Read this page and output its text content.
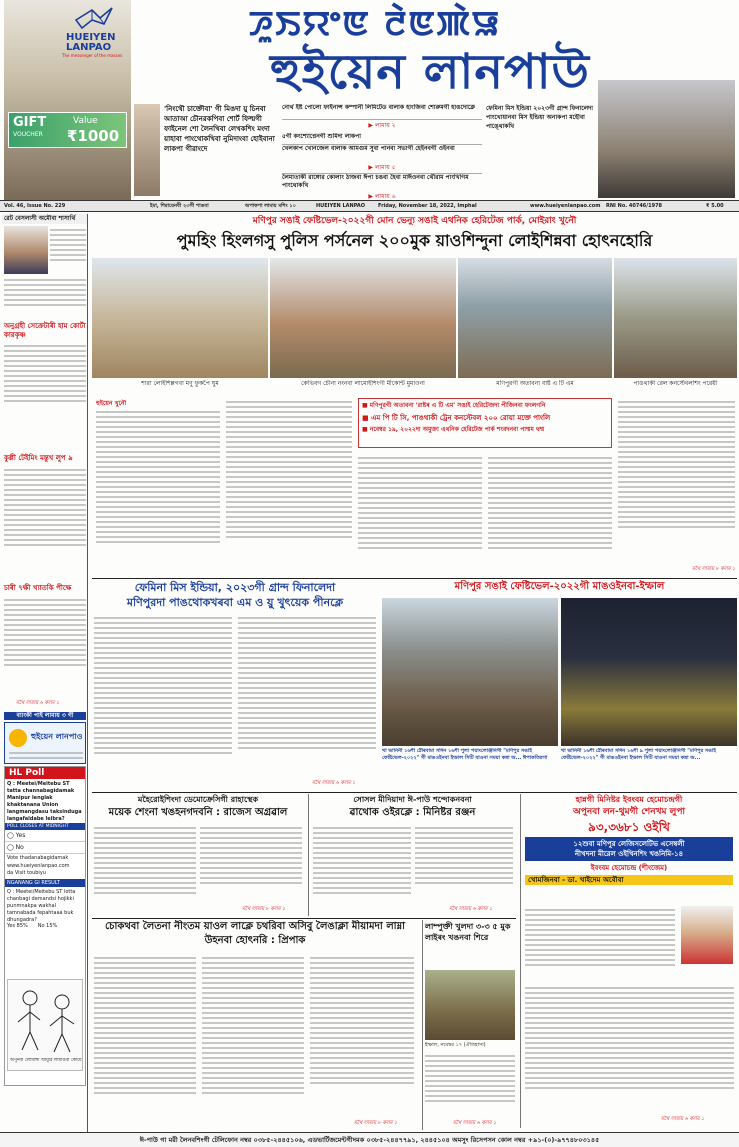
GIFT
VOUCHER
Value
₹1000
HUEIYEN
LANPAO
The messenger of the masses
ꯍꯨꯏꯌꯦꯟ ꯂꯥꯟꯄꯥꯎ
হুইয়েন লানপাউ
'নিংথৌ চাক্তৌবা' গী মিঙদা য়ু চিনবা আতাআ চৌনরকপিবা শোর্ট ফিল্মগী ফাইনেল শো লৈনখিবা লেখকশিং মংদা য়াহাবা পাংথোকখিবা নুমিদাংবা হোইবানা লাকপা গীরাংদে
নোর্থ ইষ্ট পোলো ফাইনান্স কম্পানী লিমিটেড বালাক হাংজিবা শোরুমগী হাঙদোক্লে
▶ লামায় ২
৫গী কংশ্যোপ্নেনগী শুমিদা লাকপা
খেলকাপ খোনজেল বালাক আমগুম সুবা পানবা সভাগী হেইনবগী ওইনবা
▶ লামায় ৫
লৈমাতাকী রাঙ্গোর কোলাং ঠাজবা ঈপা চঙবা হৈবা মাঈওনবা থৌরাম পাংখিগিম পাংথোকখি
▶ লামায় ৬
ফেমিনা মিস ইন্ডিয়া ২০২৩গী গ্রান্দ ফিনালেদা পাংখোয়ানবা মিস ইন্ডিয়া অনাকপা মহৌবা পাঙ্থোকখি
Vol. 46, Issue No. 229	ইমা, শিরায়েনবী ২৩গী পাঙবা	অপাকপা লামায় মশিং ১০	HUEIYEN LANPAO	Friday, November 18, 2022, Imphal	www.hueiyenlanpao.com RNI No. 40746/1978	₹ 5.00
রেট বেসলাসী অমৌবা শাসাৰ্থি
অনুগ্রহী সেক্রেটাৰী হাম কোৰ্টা কারকৃষ্ণ
কুল্লী টেইমিং মন্তুখ লুপ ৯
চাৰী ৭ক্ষী খ্যাতকি পীক্ষে
মথৈ লামায় ৬ কলম ১
ব্যাংকী পাই লামায় ৩ গী
হুইয়েন লানপাও
HL Poll
Q : Meetei/Meitebu ST tatta channabagidamak Manipur lenglak khaktanana Union langmangdasu taksinduga langafaldabe leibra?
POLL CLOSES AT MIDNIGHT
◯ Yes
◯ No
Vote thadanabagidamak
www.hueiyenlanpao.com
da Visit toubiyu
NGANANG GI RESULT
Q : Meetei/Meitebu ST lotta chanbagi demandsi hojikki punmnakpa wakhal tamnabada fepahtaaa buk dhungadra?
Yes 85% No 15%
অপুনবা লোমাঙ্গী আয়ুঠি লামাঙবা কোয়ে
মণিপুর সঙাই ফেষ্টিভেল-২০২২গী মোন ভেন্যু সঙাই এথনিক হেরিটেজ পার্ক, মোইরাং খুনৌ
পুমহিং হিংলগসু পুলিস পর্সনেল ২০০মুক য়াওশিন্দুনা লোইশিন্নবা হোৎনহোরি
শারা লোইশিল্লগবা মণু ফুকপৈ ঘুম	কেভিবগ চৌনা নংনবা লামোইশিংগী মীকোন্ট মুমাওনা	মণিপুরগী অতাবনা বাষ্ট এ টি এম	পাঙথাকী রেল কনস্টেবলশিং পরেয়ী
হুইয়েন খুনৌ	■ মণিপুরগী অতাবনা 'রাষ্টৰ এ টি এম' সঙাই হেরিটেজদা পীজিনবা ফংলগনি
■ এম পি টি সি, পাঙথাকী ট্রেন কনস্টেবল ২০০ রোয়া মক্তে পাংলি
■ নবেম্বর ১৯, ২০২২দা অমুক্তা এথনিক হেরিটেজ পার্ক শংবদনবা পাম্মম থম্ম
মথৈ লামায় ৮ কলম ১
ফেমিনা মিস ইন্ডিয়া, ২০২৩গী গ্রান্দ ফিনালেদা
মণিপুরদা পাঙথোকখৰবা এম ও য়ু খুৎয়েক পীনক্লে
মথৈ লামায় ৬ কলম ১
মণিপুর সঙাই ফেষ্টিভেল-২০২২গী মাঙওইনবা-ইম্ফাল
থা ভানিনী ১৬শী ঠৌৰবামা সদিন ১৬শী পুলা পয়াংলোঞ্জনিগী "মণিপুর সঙাই ফেষ্টিভেল-২০২২" গী মাঙওইনবা ইম্ফাল সিটি যাওনা সময়া কন্না অ... ঈপাকতিরগা
থা ভানিনী ১৬শী ঠৌৰবামা সদিন ১৬শী ৯ পুলা পয়াংলোঞ্জনিগী "মণিপুর সঙাই ফেষ্টিভেল-২০২২" গী মাঙওইনবা ইম্ফাল সিটি যাওনা সময়া কন্না অ...
মহৈরোইশিংদা ডেমোক্রেসিগী রাহাস্থেক
ময়েক শেংনা খঙহনগদবনি : রাজেস অগ্রৱাল
মথৈ লামায় ৮ কলম ১
সোসল মীদিয়াদা ঈ-পাউ শন্দোকনবনা
ৱাথোক ওইরক্লে : মিনিষ্টর রঞ্জন
মথৈ লামায় ৬ কলম ১
হান্নগী মিনিষ্টর ইবংবম হেমোচন্দ্রগী
অপুনবা লন-থুমগী শেনখম লুপা
৯৩,৩৬৮১ ওইখি
১২শুবা মণিপুর লেজিসলেটিভ এসেম্বলী
নীখদনা মীরেল ওইখিনশিং খঙনিমি-১৪
ইবংবম হেমোচন্দ্র (শীংজেম)
খোমজিনবা - ডা. খাইদেম অবৌবা
মথৈ লামায় ৬ কলম ১
চোকথবা লৈতনা নীংতম য়াওল লাক্লে চথরিবা অসিবু লৈঙাক্লা মীয়ামদা লাম্না উহনবা হোৎনরি : প্রিপাক
মথৈ লামায় ৮ কলম ১
লাম্পুক্তী খুলদা ৩-৩ ৫ মুক লাইৰং খঙনবা শিরে
ইম্ফাল, নবেম্বর ১৭ (ঐতিহাসা)
মথৈ লামায় ৬ কলম ১
ঈ-পাউ গা মরী লৈনবশিংগী টেলিফোন নম্বর ০৩৮৫-২৪৪৫১০৬, এডভার্টিজমেন্টগীদমক ০৩৮৫-২৪৪৭৭৯১, ২৪৪৫১০৪ অমসুং রিসেপসন কোল নম্বর +৯১-(০)-৯৭৭৪৮০৩১৪৫
